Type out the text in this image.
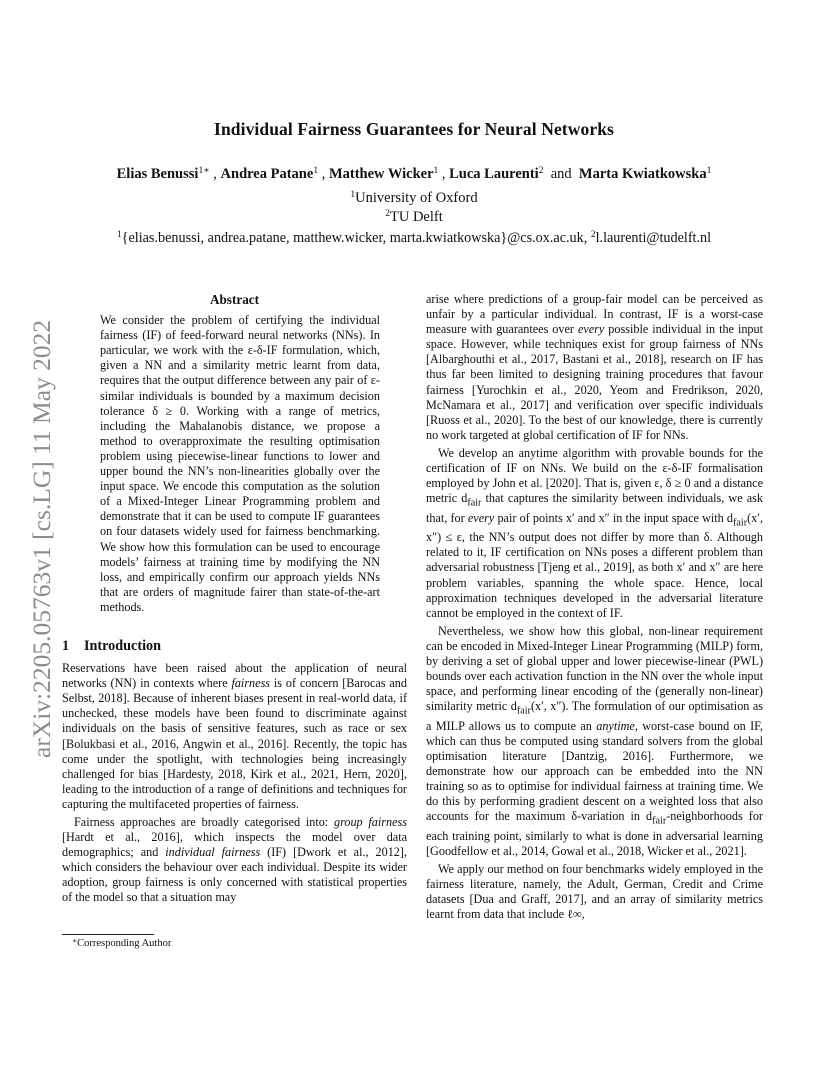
arXiv:2205.05763v1 [cs.LG] 11 May 2022
Individual Fairness Guarantees for Neural Networks
Elias Benussi$^{1∗}$ , Andrea Patane$^1$ , Matthew Wicker$^1$ , Luca Laurenti$^2$ and Marta Kwiatkowska$^1$
$^1$University of Oxford
$^2$TU Delft
$^1${elias.benussi, andrea.patane, matthew.wicker, marta.kwiatkowska}@cs.ox.ac.uk, $^2$l.laurenti@tudelft.nl
Abstract

We consider the problem of certifying the individual fairness (IF) of feed-forward neural networks (NNs). In particular, we work with the ε-δ-IF formulation, which, given a NN and a similarity metric learnt from data, requires that the output difference between any pair of ε-similar individuals is bounded by a maximum decision tolerance δ ≥ 0. Working with a range of metrics, including the Mahalanobis distance, we propose a method to overapproximate the resulting optimisation problem using piecewise-linear functions to lower and upper bound the NN’s non-linearities globally over the input space. We encode this computation as the solution of a Mixed-Integer Linear Programming problem and demonstrate that it can be used to compute IF guarantees on four datasets widely used for fairness benchmarking. We show how this formulation can be used to encourage models’ fairness at training time by modifying the NN loss, and empirically confirm our approach yields NNs that are orders of magnitude fairer than state-of-the-art methods.

1 Introduction

Reservations have been raised about the application of neural networks (NN) in contexts where fairness is of concern [Barocas and Selbst, 2018]. Because of inherent biases present in real-world data, if unchecked, these models have been found to discriminate against individuals on the basis of sensitive features, such as race or sex [Bolukbasi et al., 2016, Angwin et al., 2016]. Recently, the topic has come under the spotlight, with technologies being increasingly challenged for bias [Hardesty, 2018, Kirk et al., 2021, Hern, 2020], leading to the introduction of a range of definitions and techniques for capturing the multifaceted properties of fairness.

Fairness approaches are broadly categorised into: group fairness [Hardt et al., 2016], which inspects the model over data demographics; and individual fairness (IF) [Dwork et al., 2012], which considers the behaviour over each individual. Despite its wider adoption, group fairness is only concerned with statistical properties of the model so that a situation may

arise where predictions of a group-fair model can be perceived as unfair by a particular individual. In contrast, IF is a worst-case measure with guarantees over every possible individual in the input space. However, while techniques exist for group fairness of NNs [Albarghouthi et al., 2017, Bastani et al., 2018], research on IF has thus far been limited to designing training procedures that favour fairness [Yurochkin et al., 2020, Yeom and Fredrikson, 2020, McNamara et al., 2017] and verification over specific individuals [Ruoss et al., 2020]. To the best of our knowledge, there is currently no work targeted at global certification of IF for NNs.

We develop an anytime algorithm with provable bounds for the certification of IF on NNs. We build on the ε-δ-IF formalisation employed by John et al. [2020]. That is, given ε, δ ≥ 0 and a distance metric $d_{fair}$ that captures the similarity between individuals, we ask that, for every pair of points x′ and x″ in the input space with $d_{fair}(x'$, x″) ≤ ε, the NN’s output does not differ by more than δ. Although related to it, IF certification on NNs poses a different problem than adversarial robustness [Tjeng et al., 2019], as both x′ and x″ are here problem variables, spanning the whole space. Hence, local approximation techniques developed in the adversarial literature cannot be employed in the context of IF.

Nevertheless, we show how this global, non-linear requirement can be encoded in Mixed-Integer Linear Programming (MILP) form, by deriving a set of global upper and lower piecewise-linear (PWL) bounds over each activation function in the NN over the whole input space, and performing linear encoding of the (generally non-linear) similarity metric $d_{fair}(x'$, x″). The formulation of our optimisation as a MILP allows us to compute an anytime, worst-case bound on IF, which can thus be computed using standard solvers from the global optimisation literature [Dantzig, 2016]. Furthermore, we demonstrate how our approach can be embedded into the NN training so as to optimise for individual fairness at training time. We do this by performing gradient descent on a weighted loss that also accounts for the maximum δ-variation in $d_{fair}$-neighborhoods for each training point, similarly to what is done in adversarial learning [Goodfellow et al., 2014, Gowal et al., 2018, Wicker et al., 2021].

We apply our method on four benchmarks widely employed in the fairness literature, namely, the Adult, German, Credit and Crime datasets [Dua and Graff, 2017], and an array of similarity metrics learnt from data that include ℓ∞,

∗Corresponding Author
